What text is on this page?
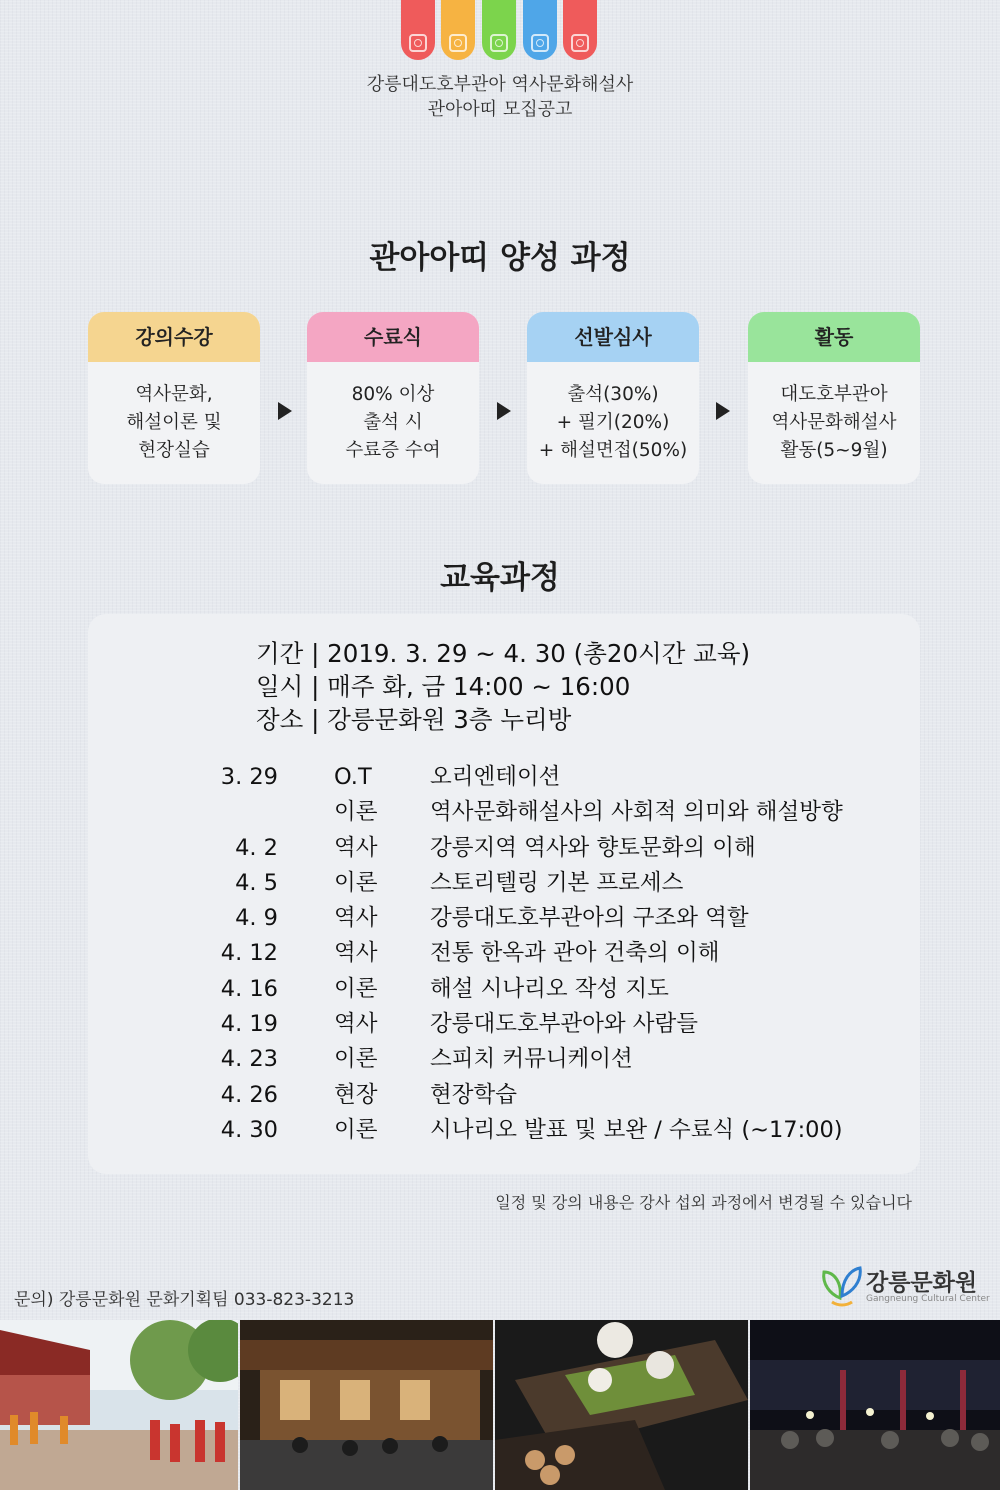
강릉대도호부관아 역사문화해설사
관아아띠 모집공고
관아아띠 양성 과정
강의수강
역사문화,
해설이론 및
현장실습
수료식
80% 이상
출석 시
수료증 수여
선발심사
출석(30%)
+ 필기(20%)
+ 해설면접(50%)
활동
대도호부관아
역사문화해설사
활동(5~9월)
교육과정
기간 | 2019. 3. 29 ~ 4. 30 (총20시간 교육)
일시 | 매주 화, 금 14:00 ~ 16:00
장소 | 강릉문화원 3층 누리방
3. 29 O.T	오리엔테이션
이론 역사문화해설사의 사회적 의미와 해설방향
4. 2 역사 강릉지역 역사와 향토문화의 이해
4. 5 이론 스토리텔링 기본 프로세스
4. 9 역사 강릉대도호부관아의 구조와 역할
4. 12 역사 전통 한옥과 관아 건축의 이해
4. 16 이론 해설 시나리오 작성 지도
4. 19 역사 강릉대도호부관아와 사람들
4. 23 이론 스피치 커뮤니케이션
4. 26 현장 현장학습
4. 30 이론 시나리오 발표 및 보완 / 수료식 (~17:00)
일정 및 강의 내용은 강사 섭외 과정에서 변경될 수 있습니다
문의) 강릉문화원 문화기획팀 033-823-3213
강릉문화원
Gangneung Cultural Center
